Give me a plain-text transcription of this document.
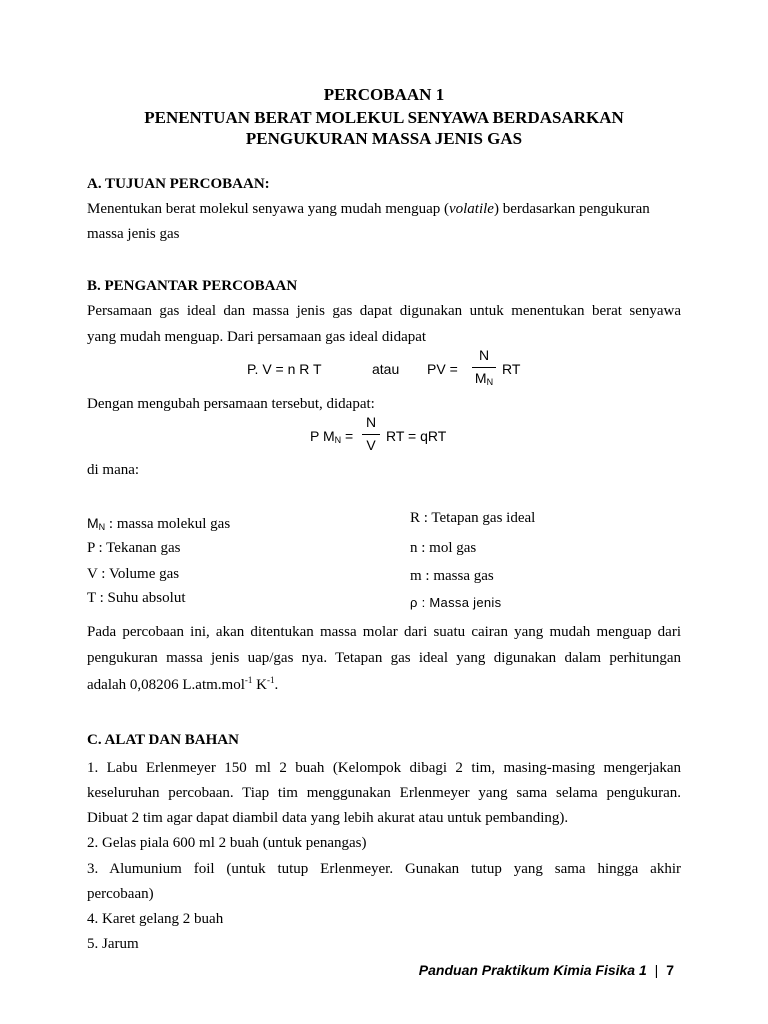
PERCOBAAN 1
PENENTUAN BERAT MOLEKUL SENYAWA BERDASARKAN
PENGUKURAN MASSA JENIS GAS
A. TUJUAN PERCOBAAN:
Menentukan berat molekul senyawa yang mudah menguap (volatile) berdasarkan pengukuran
massa jenis gas
B. PENGANTAR PERCOBAAN
Persamaan gas ideal dan massa jenis gas dapat digunakan untuk menentukan berat senyawa
yang mudah menguap. Dari persamaan gas ideal didapat
P. V = n R T	atau PV =
N
MN
RT
Dengan mengubah persamaan tersebut, didapat:
P MN =
N
V
RT = qRT
di mana:
MN : massa molekul gas
P : Tekanan gas
V : Volume gas
T : Suhu absolut
R : Tetapan gas ideal
n : mol gas
m : massa gas
ρ : Massa jenis
Pada percobaan ini, akan ditentukan massa molar dari suatu cairan yang mudah menguap dari
pengukuran massa jenis uap/gas nya. Tetapan gas ideal yang digunakan dalam perhitungan
adalah 0,08206 L.atm.mol$^{-1}$ $K^{-1}$.
C. ALAT DAN BAHAN
1. Labu Erlenmeyer 150 ml 2 buah (Kelompok dibagi 2 tim, masing-masing mengerjakan
keseluruhan percobaan. Tiap tim menggunakan Erlenmeyer yang sama selama pengukuran.
Dibuat 2 tim agar dapat diambil data yang lebih akurat atau untuk pembanding).
2. Gelas piala 600 ml 2 buah (untuk penangas)
3. Alumunium foil (untuk tutup Erlenmeyer. Gunakan tutup yang sama hingga akhir
percobaan)
4. Karet gelang 2 buah
5. Jarum
Panduan Praktikum Kimia Fisika 1 | 7
